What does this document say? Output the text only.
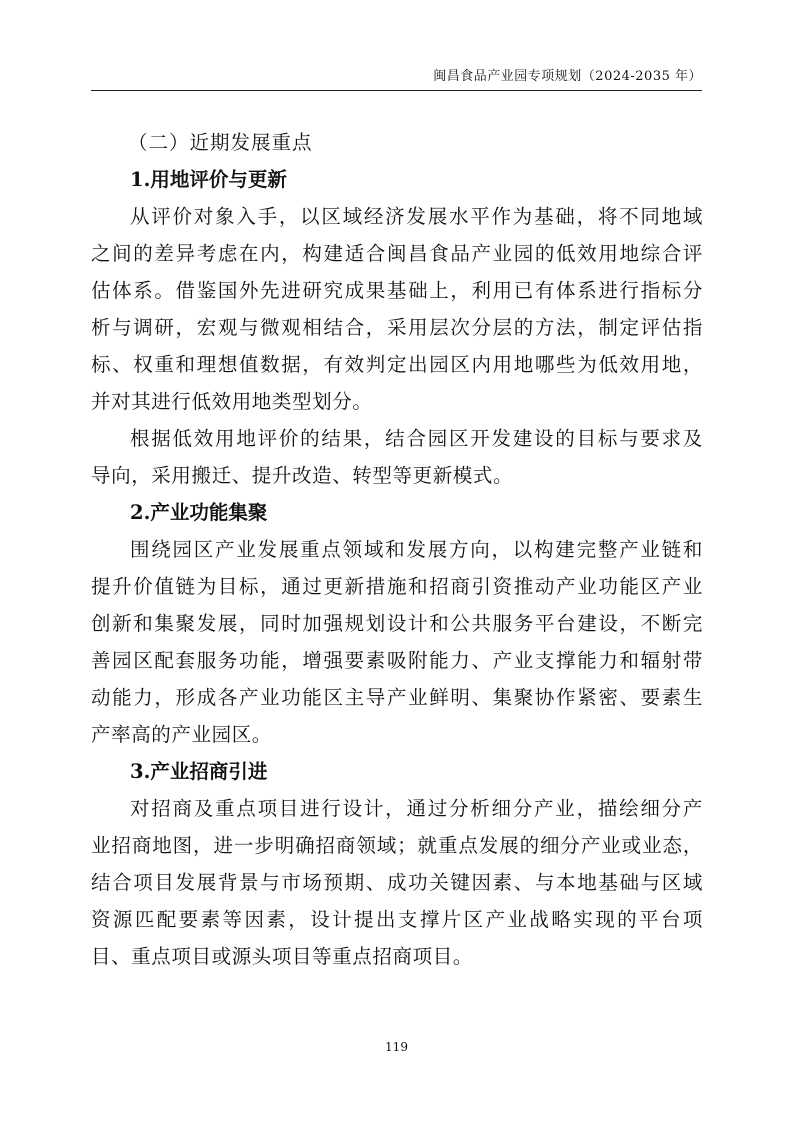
闽昌食品产业园专项规划（2024-2035 年）
（二）近期发展重点
1.用地评价与更新
从评价对象入手，以区域经济发展水平作为基础，将不同地域
之间的差异考虑在内，构建适合闽昌食品产业园的低效用地综合评
估体系。借鉴国外先进研究成果基础上，利用已有体系进行指标分
析与调研，宏观与微观相结合，采用层次分层的方法，制定评估指
标、权重和理想值数据，有效判定出园区内用地哪些为低效用地，
并对其进行低效用地类型划分。
根据低效用地评价的结果，结合园区开发建设的目标与要求及
导向，采用搬迁、提升改造、转型等更新模式。
2.产业功能集聚
围绕园区产业发展重点领域和发展方向，以构建完整产业链和
提升价值链为目标，通过更新措施和招商引资推动产业功能区产业
创新和集聚发展，同时加强规划设计和公共服务平台建设，不断完
善园区配套服务功能，增强要素吸附能力、产业支撑能力和辐射带
动能力，形成各产业功能区主导产业鲜明、集聚协作紧密、要素生
产率高的产业园区。
3.产业招商引进
对招商及重点项目进行设计，通过分析细分产业，描绘细分产
业招商地图，进一步明确招商领域；就重点发展的细分产业或业态，
结合项目发展背景与市场预期、成功关键因素、与本地基础与区域
资源匹配要素等因素，设计提出支撑片区产业战略实现的平台项
目、重点项目或源头项目等重点招商项目。
119
